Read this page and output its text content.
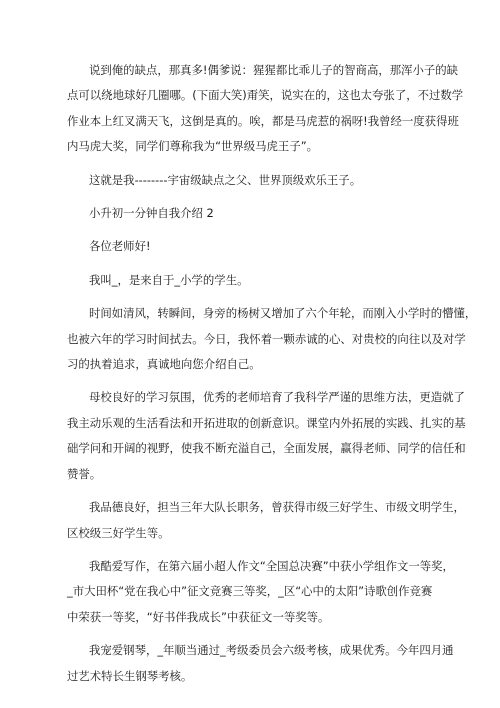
说到俺的缺点，那真多!偶爹说：猩猩都比乖儿子的智商高，那浑小子的缺
点可以绕地球好几圈哪。(下面大笑)甭笑，说实在的，这也太夸张了，不过数学
作业本上红叉满天飞，这倒是真的。唉，都是马虎惹的祸呀!我曾经一度获得班
内马虎大奖，同学们尊称我为“世界级马虎王子”。
这就是我--------宇宙级缺点之父、世界顶级欢乐王子。
小升初一分钟自我介绍 2
各位老师好!
我叫_，是来自于_小学的学生。
时间如清风，转瞬间，身旁的杨树又增加了六个年轮，而刚入小学时的懵懂，
也被六年的学习时间拭去。今日，我怀着一颗赤诚的心、对贵校的向往以及对学
习的执着追求，真诚地向您介绍自己。
母校良好的学习氛围，优秀的老师培育了我科学严谨的思维方法，更造就了
我主动乐观的生活看法和开拓进取的创新意识。课堂内外拓展的实践、扎实的基
础学问和开阔的视野，使我不断充溢自己，全面发展，赢得老师、同学的信任和
赞誉。
我品德良好，担当三年大队长职务，曾获得市级三好学生、市级文明学生，
区校级三好学生等。
我酷爱写作，在第六届小超人作文“全国总决赛”中获小学组作文一等奖，
_市大田杯“党在我心中”征文竞赛三等奖，_区“心中的太阳”诗歌创作竞赛
中荣获一等奖，“好书伴我成长”中获征文一等奖等。
我宠爱钢琴，_年顺当通过_考级委员会六级考核，成果优秀。今年四月通
过艺术特长生钢琴考核。
